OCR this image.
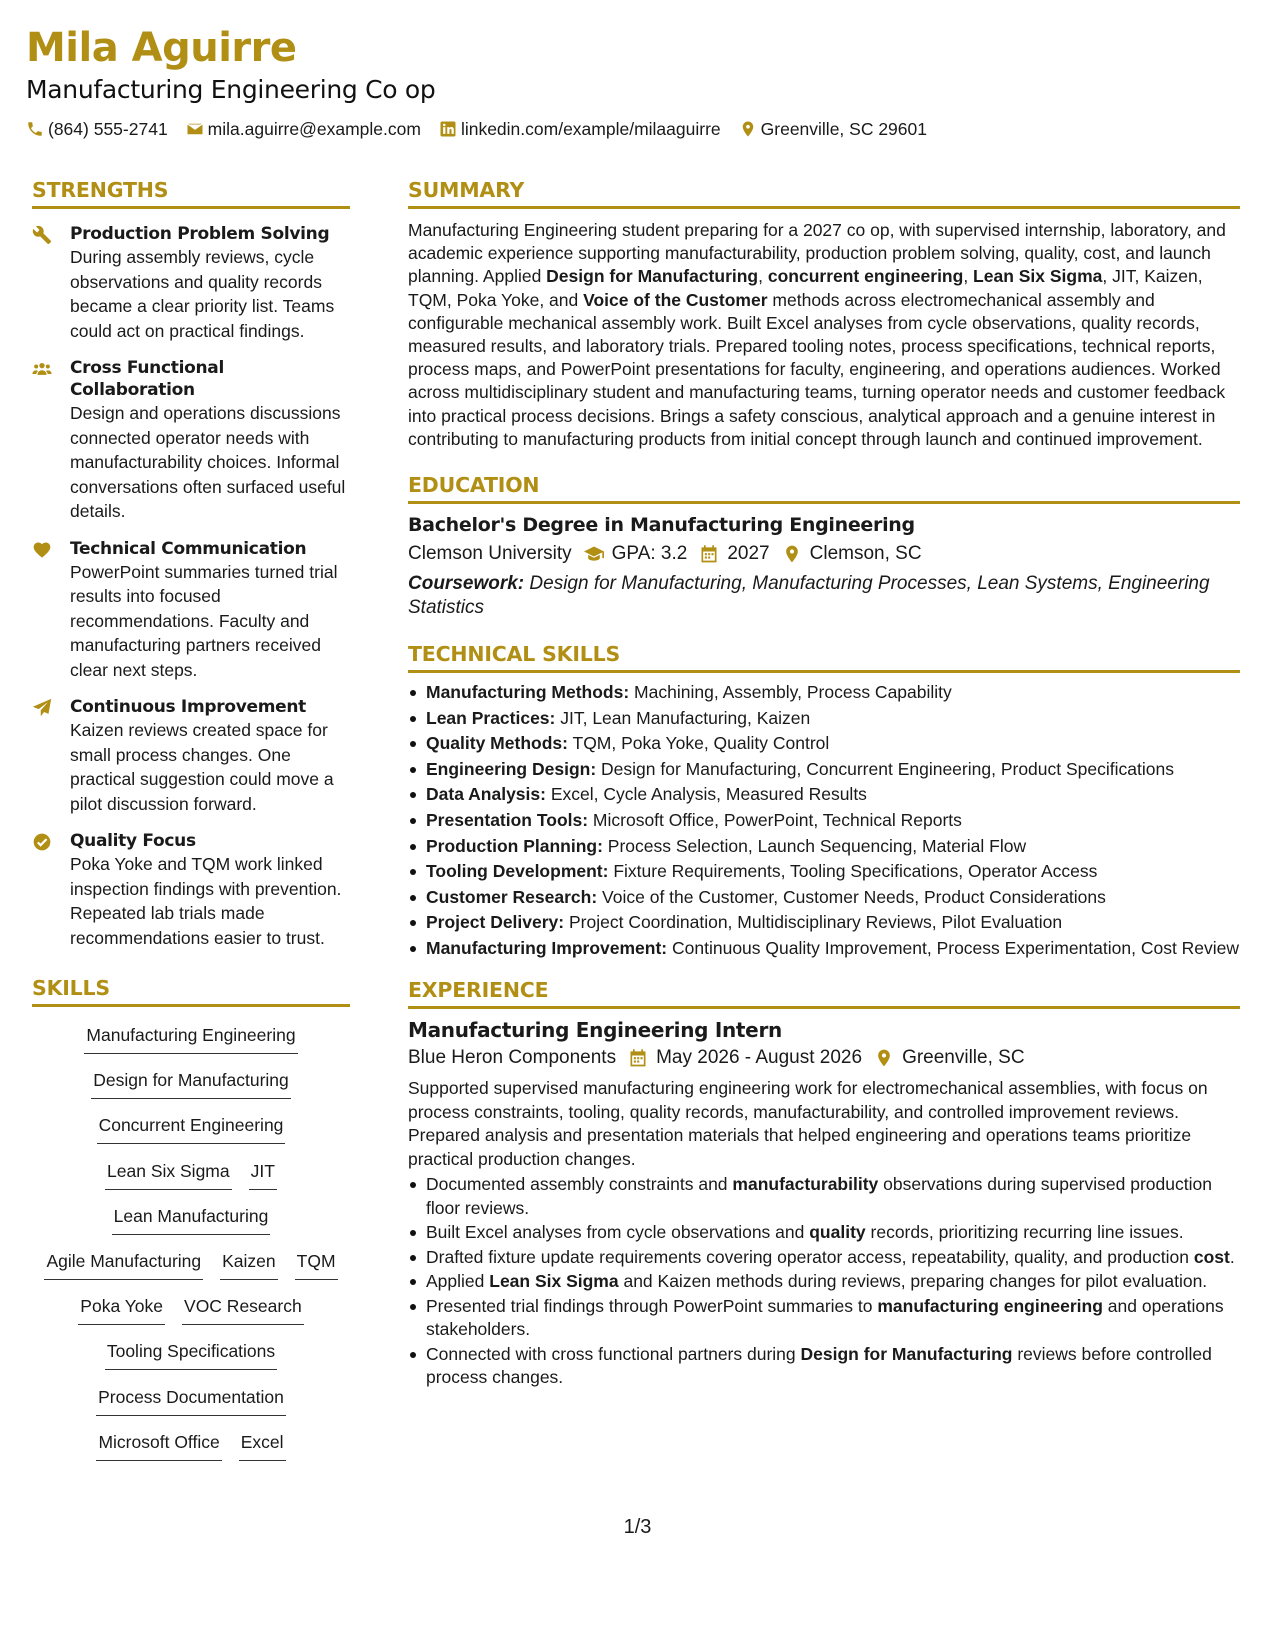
Mila Aguirre
Manufacturing Engineering Co op
(864) 555-2741 mila.aguirre@example.com linkedin.com/example/milaaguirre Greenville, SC 29601
STRENGTHS
Production Problem Solving
During assembly reviews, cycle observations and quality records became a clear priority list. Teams could act on practical findings.
Cross Functional Collaboration
Design and operations discussions connected operator needs with manufacturability choices. Informal conversations often surfaced useful details.
Technical Communication
PowerPoint summaries turned trial results into focused recommendations. Faculty and manufacturing partners received clear next steps.
Continuous Improvement
Kaizen reviews created space for small process changes. One practical suggestion could move a pilot discussion forward.
Quality Focus
Poka Yoke and TQM work linked inspection findings with prevention. Repeated lab trials made recommendations easier to trust.
SKILLS
Manufacturing Engineering
Design for Manufacturing
Concurrent Engineering
Lean Six Sigma JIT
Lean Manufacturing
Agile Manufacturing Kaizen TQM
Poka Yoke VOC Research
Tooling Specifications
Process Documentation
Microsoft Office Excel
SUMMARY
Manufacturing Engineering student preparing for a 2027 co op, with supervised internship, laboratory, and academic experience supporting manufacturability, production problem solving, quality, cost, and launch planning. Applied Design for Manufacturing, concurrent engineering, Lean Six Sigma, JIT, Kaizen, TQM, Poka Yoke, and Voice of the Customer methods across electromechanical assembly and configurable mechanical assembly work. Built Excel analyses from cycle observations, quality records, measured results, and laboratory trials. Prepared tooling notes, process specifications, technical reports, process maps, and PowerPoint presentations for faculty, engineering, and operations audiences. Worked across multidisciplinary student and manufacturing teams, turning operator needs and customer feedback into practical process decisions. Brings a safety conscious, analytical approach and a genuine interest in contributing to manufacturing products from initial concept through launch and continued improvement.
EDUCATION
Bachelor's Degree in Manufacturing Engineering
Clemson University GPA: 3.2 2027 Clemson, SC
Coursework: Design for Manufacturing, Manufacturing Processes, Lean Systems, Engineering Statistics
TECHNICAL SKILLS
Manufacturing Methods: Machining, Assembly, Process Capability
Lean Practices: JIT, Lean Manufacturing, Kaizen
Quality Methods: TQM, Poka Yoke, Quality Control
Engineering Design: Design for Manufacturing, Concurrent Engineering, Product Specifications
Data Analysis: Excel, Cycle Analysis, Measured Results
Presentation Tools: Microsoft Office, PowerPoint, Technical Reports
Production Planning: Process Selection, Launch Sequencing, Material Flow
Tooling Development: Fixture Requirements, Tooling Specifications, Operator Access
Customer Research: Voice of the Customer, Customer Needs, Product Considerations
Project Delivery: Project Coordination, Multidisciplinary Reviews, Pilot Evaluation
Manufacturing Improvement: Continuous Quality Improvement, Process Experimentation, Cost Review
EXPERIENCE
Manufacturing Engineering Intern
Blue Heron Components May 2026 - August 2026 Greenville, SC
Supported supervised manufacturing engineering work for electromechanical assemblies, with focus on process constraints, tooling, quality records, manufacturability, and controlled improvement reviews. Prepared analysis and presentation materials that helped engineering and operations teams prioritize practical production changes.
Documented assembly constraints and manufacturability observations during supervised production floor reviews.
Built Excel analyses from cycle observations and quality records, prioritizing recurring line issues.
Drafted fixture update requirements covering operator access, repeatability, quality, and production cost.
Applied Lean Six Sigma and Kaizen methods during reviews, preparing changes for pilot evaluation.
Presented trial findings through PowerPoint summaries to manufacturing engineering and operations stakeholders.
Connected with cross functional partners during Design for Manufacturing reviews before controlled process changes.
1/3
